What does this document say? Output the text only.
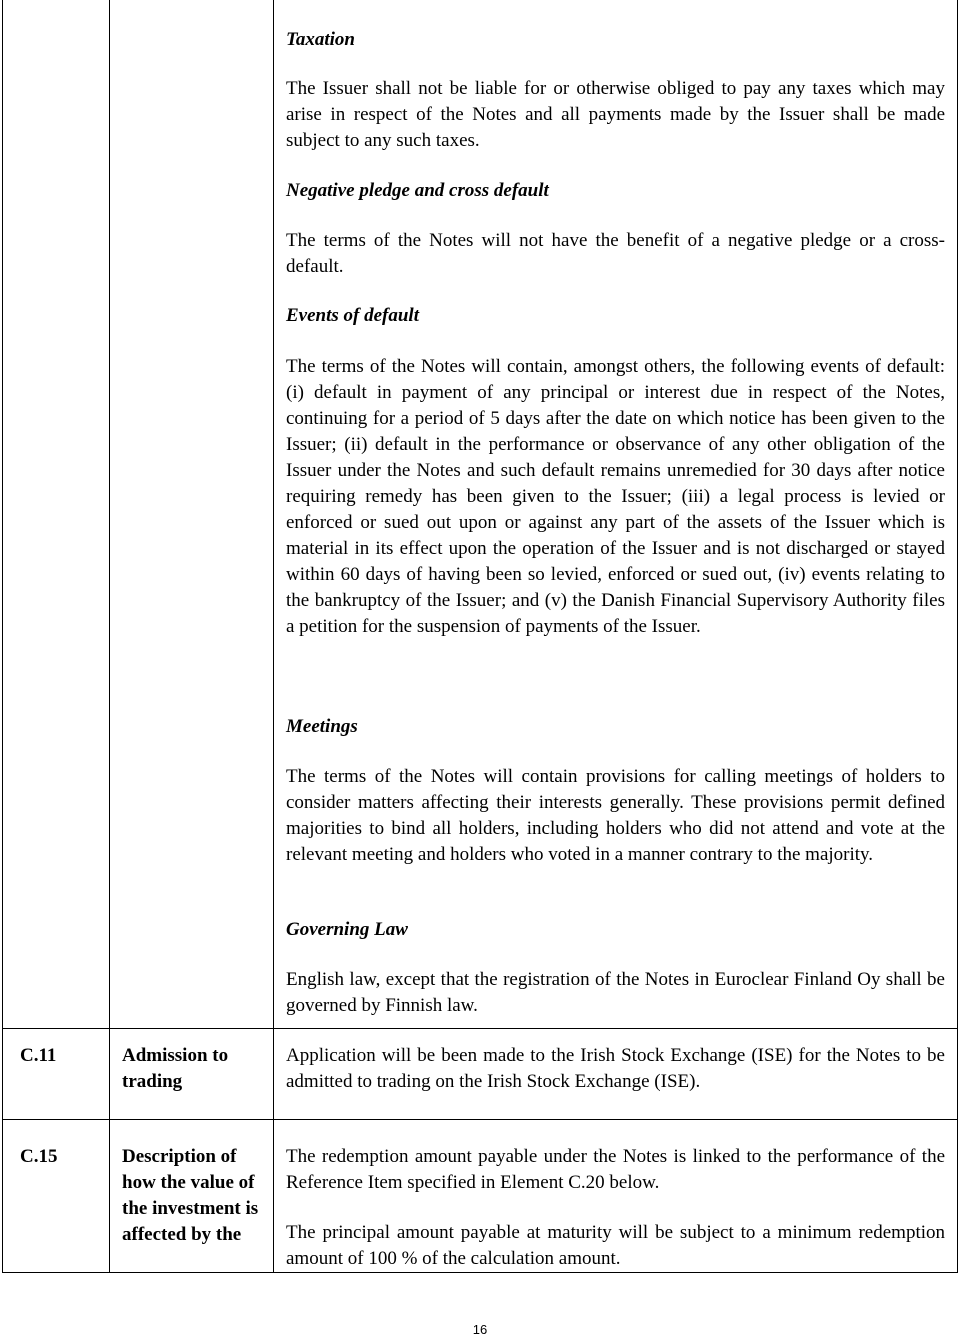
Taxation

The Issuer shall not be liable for or otherwise obliged to pay any taxes which may arise in respect of the Notes and all payments made by the Issuer shall be made subject to any such taxes.

Negative pledge and cross default

The terms of the Notes will not have the benefit of a negative pledge or a cross-default.

Events of default

The terms of the Notes will contain, amongst others, the following events of default: (i) default in payment of any principal or interest due in respect of the Notes, continuing for a period of 5 days after the date on which notice has been given to the Issuer; (ii) default in the performance or observance of any other obligation of the Issuer under the Notes and such default remains unremedied for 30 days after notice requiring remedy has been given to the Issuer; (iii) a legal process is levied or enforced or sued out upon or against any part of the assets of the Issuer which is material in its effect upon the operation of the Issuer and is not discharged or stayed within 60 days of having been so levied, enforced or sued out, (iv) events relating to the bankruptcy of the Issuer; and (v) the Danish Financial Supervisory Authority files a petition for the suspension of payments of the Issuer.

Meetings

The terms of the Notes will contain provisions for calling meetings of holders to consider matters affecting their interests generally. These provisions permit defined majorities to bind all holders, including holders who did not attend and vote at the relevant meeting and holders who voted in a manner contrary to the majority.

Governing Law

English law, except that the registration of the Notes in Euroclear Finland Oy shall be governed by Finnish law.

C.11	Admission to trading

Application will be been made to the Irish Stock Exchange (ISE) for the Notes to be admitted to trading on the Irish Stock Exchange (ISE).

C.15	Description of how the value of the investment is affected by the

The redemption amount payable under the Notes is linked to the performance of the Reference Item specified in Element C.20 below.

The principal amount payable at maturity will be subject to a minimum redemption amount of 100 % of the calculation amount.

16
